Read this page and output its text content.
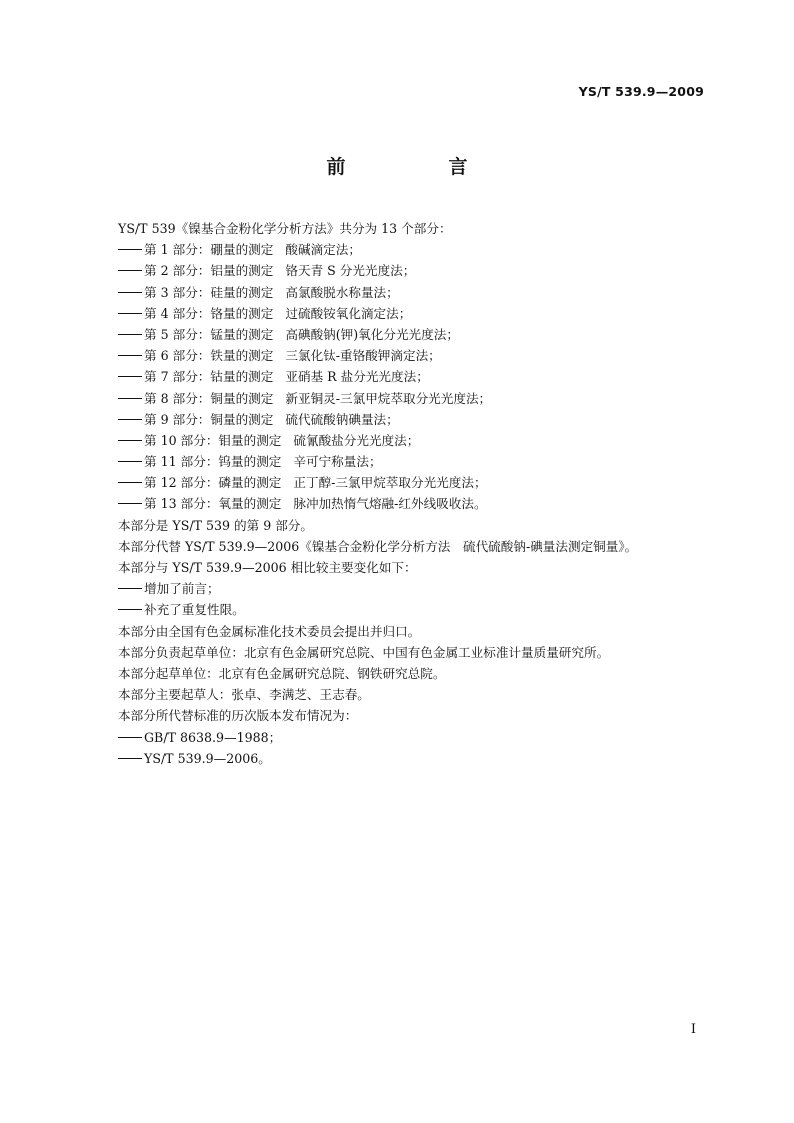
YS/T 539.9—2009
前　言
YS/T 539《镍基合金粉化学分析方法》共分为 13 个部分：
第 1 部分：硼量的测定 酸碱滴定法；
第 2 部分：铝量的测定 铬天青 S 分光光度法；
第 3 部分：硅量的测定 高氯酸脱水称量法；
第 4 部分：铬量的测定 过硫酸铵氧化滴定法；
第 5 部分：锰量的测定 高碘酸钠(钾)氧化分光光度法；
第 6 部分：铁量的测定 三氯化钛-重铬酸钾滴定法；
第 7 部分：钴量的测定 亚硝基 R 盐分光光度法；
第 8 部分：铜量的测定 新亚铜灵-三氯甲烷萃取分光光度法；
第 9 部分：铜量的测定 硫代硫酸钠碘量法；
第 10 部分：钼量的测定 硫氰酸盐分光光度法；
第 11 部分：钨量的测定 辛可宁称量法；
第 12 部分：磷量的测定 正丁醇-三氯甲烷萃取分光光度法；
第 13 部分：氧量的测定 脉冲加热惰气熔融-红外线吸收法。
本部分是 YS/T 539 的第 9 部分。
本部分代替 YS/T 539.9—2006《镍基合金粉化学分析方法　硫代硫酸钠-碘量法测定铜量》。
本部分与 YS/T 539.9—2006 相比较主要变化如下：
增加了前言；
补充了重复性限。
本部分由全国有色金属标准化技术委员会提出并归口。
本部分负责起草单位：北京有色金属研究总院、中国有色金属工业标准计量质量研究所。
本部分起草单位：北京有色金属研究总院、钢铁研究总院。
本部分主要起草人：张卓、李满芝、王志春。
本部分所代替标准的历次版本发布情况为：
GB/T 8638.9—1988；
YS/T 539.9—2006。
I
